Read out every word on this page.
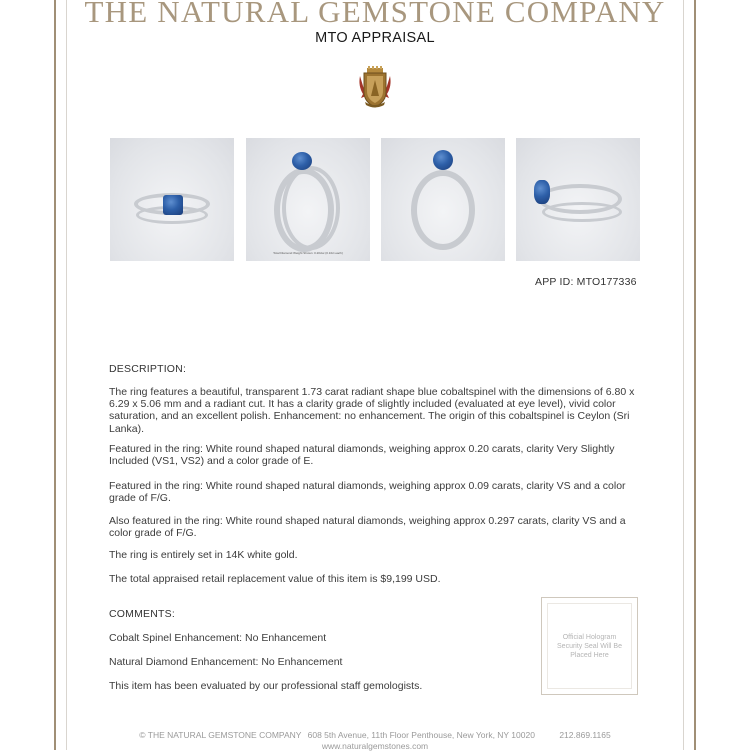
THE NATURAL GEMSTONE COMPANY
MTO APPRAISAL
Total Diamond Weight Shown: 0.20ctw (0.10ct each)
APP ID: MTO177336
DESCRIPTION:
The ring features a beautiful, transparent 1.73 carat radiant shape blue cobaltspinel with the dimensions of 6.80 x 6.29 x 5.06 mm and a radiant cut. It has a clarity grade of slightly included (evaluated at eye level), vivid color saturation, and an excellent polish. Enhancement: no enhancement. The origin of this cobaltspinel is Ceylon (Sri Lanka).
Featured in the ring: White round shaped natural diamonds, weighing approx 0.20 carats, clarity Very Slightly Included (VS1, VS2) and a color grade of E.
Featured in the ring: White round shaped natural diamonds, weighing approx 0.09 carats, clarity VS and a color grade of F/G.
Also featured in the ring: White round shaped natural diamonds, weighing approx 0.297 carats, clarity VS and a color grade of F/G.
The ring is entirely set in 14K white gold.
The total appraised retail replacement value of this item is $9,199 USD.
COMMENTS:
Cobalt Spinel Enhancement: No Enhancement
Natural Diamond Enhancement: No Enhancement
This item has been evaluated by our professional staff gemologists.
Official Hologram Security Seal Will Be Placed Here
© THE NATURAL GEMSTONE COMPANY 608 5th Avenue, 11th Floor Penthouse, New York, NY 10020	212.869.1165
www.naturalgemstones.com
